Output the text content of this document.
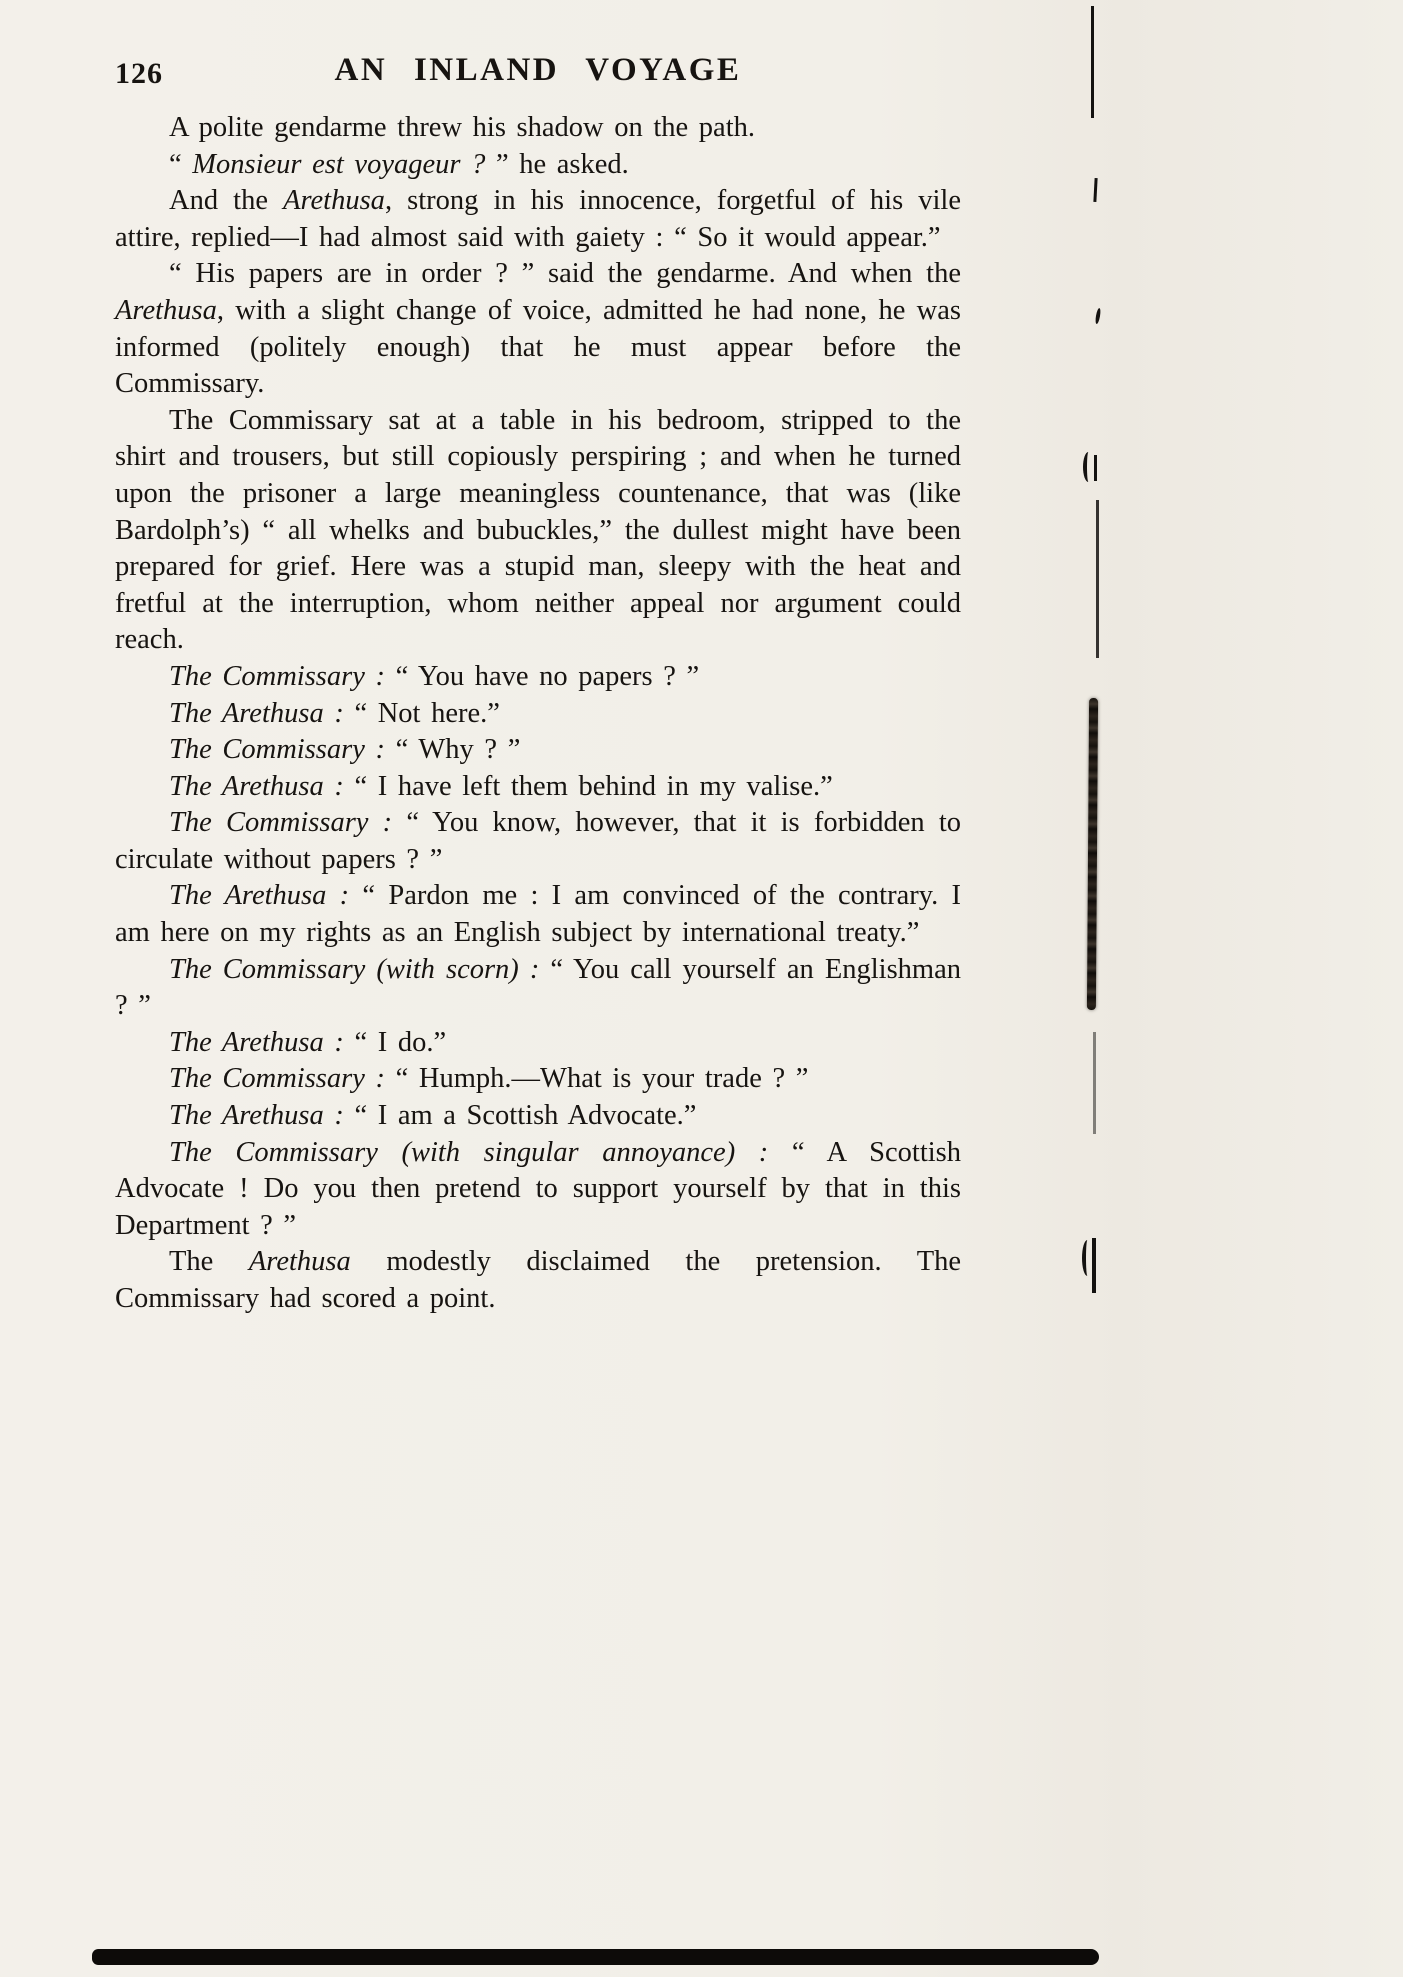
126	AN INLAND VOYAGE

A polite gendarme threw his shadow on the path.

“ Monsieur est voyageur ? ” he asked.

And the Arethusa, strong in his innocence, forgetful of his vile attire, replied—I had almost said with gaiety : “ So it would appear.”

“ His papers are in order ? ” said the gendarme. And when the Arethusa, with a slight change of voice, admitted he had none, he was informed (politely enough) that he must appear before the Commissary.

The Commissary sat at a table in his bedroom, stripped to the shirt and trousers, but still copiously perspiring ; and when he turned upon the prisoner a large meaningless countenance, that was (like Bardolph’s) “ all whelks and bubuckles,” the dullest might have been prepared for grief. Here was a stupid man, sleepy with the heat and fretful at the interruption, whom neither appeal nor argument could reach.

The Commissary : “ You have no papers ? ”

The Arethusa : “ Not here.”

The Commissary : “ Why ? ”

The Arethusa : “ I have left them behind in my valise.”

The Commissary : “ You know, however, that it is forbidden to circulate without papers ? ”

The Arethusa : “ Pardon me : I am convinced of the contrary. I am here on my rights as an English subject by international treaty.”

The Commissary (with scorn) : “ You call yourself an Englishman ? ”

The Arethusa : “ I do.”

The Commissary : “ Humph.—What is your trade ? ”

The Arethusa : “ I am a Scottish Advocate.”

The Commissary (with singular annoyance) : “ A Scottish Advocate ! Do you then pretend to support yourself by that in this Department ? ”

The Arethusa modestly disclaimed the pretension. The Commissary had scored a point.
